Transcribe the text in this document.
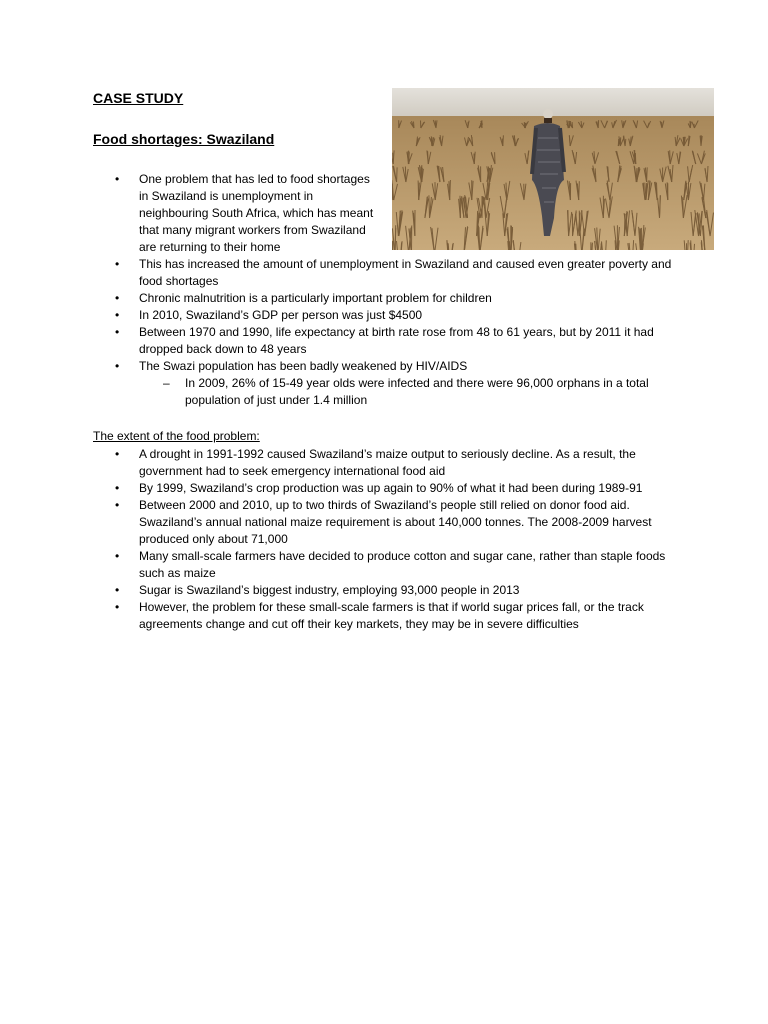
CASE STUDY
Food shortages: Swaziland
• One problem that has led to food shortages in Swaziland is unemployment in neighbouring South Africa, which has meant that many migrant workers from Swaziland are returning to their home
• This has increased the amount of unemployment in Swaziland and caused even greater poverty and food shortages
• Chronic malnutrition is a particularly important problem for children
• In 2010, Swaziland’s GDP per person was just $4500
• Between 1970 and 1990, life expectancy at birth rate rose from 48 to 61 years, but by 2011 it had dropped back down to 48 years
• The Swazi population has been badly weakened by HIV/AIDS
– In 2009, 26% of 15-49 year olds were infected and there were 96,000 orphans in a total population of just under 1.4 million
The extent of the food problem:
• A drought in 1991-1992 caused Swaziland’s maize output to seriously decline. As a result, the government had to seek emergency international food aid
• By 1999, Swaziland’s crop production was up again to 90% of what it had been during 1989-91
• Between 2000 and 2010, up to two thirds of Swaziland’s people still relied on donor food aid. Swaziland’s annual national maize requirement is about 140,000 tonnes. The 2008-2009 harvest produced only about 71,000
• Many small-scale farmers have decided to produce cotton and sugar cane, rather than staple foods such as maize
• Sugar is Swaziland’s biggest industry, employing 93,000 people in 2013
• However, the problem for these small-scale farmers is that if world sugar prices fall, or the track agreements change and cut off their key markets, they may be in severe difficulties
